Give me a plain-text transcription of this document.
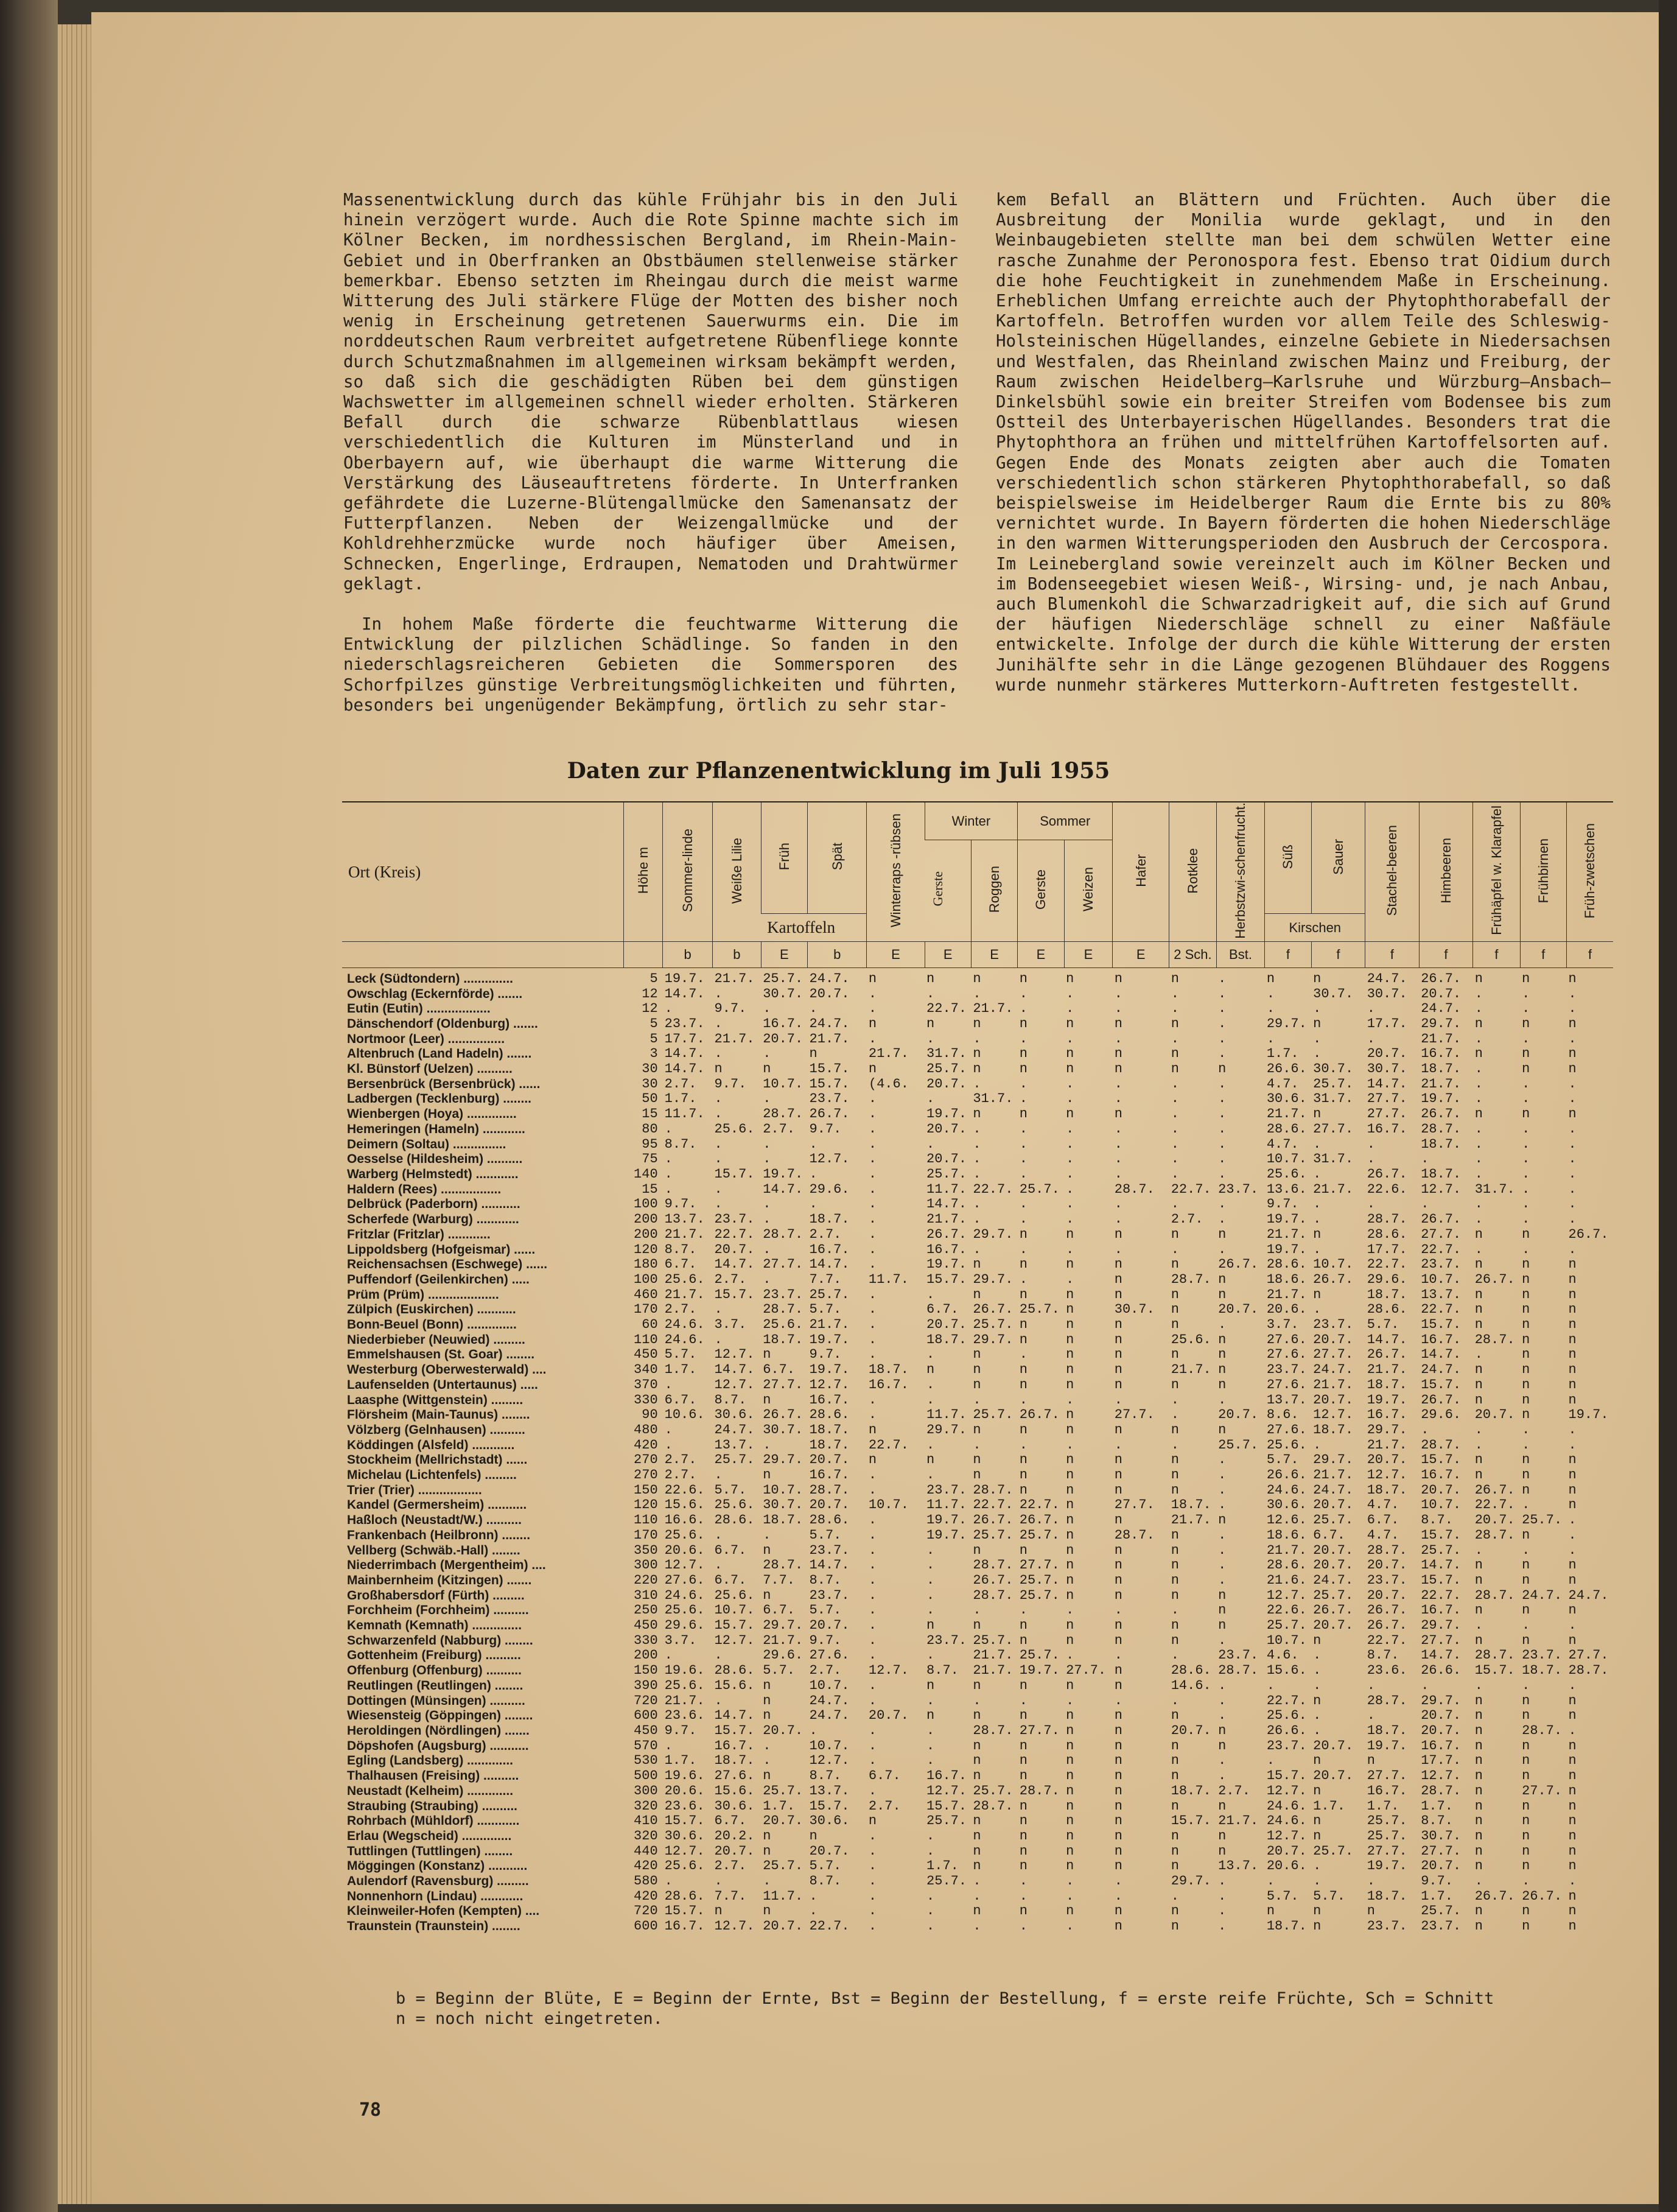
Massenentwicklung durch das kühle Frühjahr bis in den Juli hinein verzögert wurde. Auch die Rote Spinne machte sich im Kölner Becken, im nordhessischen Bergland, im Rhein-Main-Gebiet und in Oberfranken an Obstbäumen stellenweise stärker bemerkbar. Ebenso setzten im Rheingau durch die meist warme Witterung des Juli stärkere Flüge der Motten des bisher noch wenig in Erscheinung getretenen Sauerwurms ein. Die im norddeutschen Raum verbreitet aufgetretene Rübenfliege konnte durch Schutzmaßnahmen im allgemeinen wirksam bekämpft werden, so daß sich die geschädigten Rüben bei dem günstigen Wachswetter im allgemeinen schnell wieder erholten. Stärkeren Befall durch die schwarze Rübenblattlaus wiesen verschiedentlich die Kulturen im Münsterland und in Oberbayern auf, wie überhaupt die warme Witterung die Verstärkung des Läuseauftretens förderte. In Unterfranken gefährdete die Luzerne-Blütengallmücke den Samenansatz der Futterpflanzen. Neben der Weizengallmücke und der Kohldrehherzmücke wurde noch häufiger über Ameisen, Schnecken, Engerlinge, Erdraupen, Nematoden und Drahtwürmer geklagt.

In hohem Maße förderte die feuchtwarme Witterung die Entwicklung der pilzlichen Schädlinge. So fanden in den niederschlagsreicheren Gebieten die Sommersporen des Schorfpilzes günstige Verbreitungsmöglichkeiten und führten, besonders bei ungenügender Bekämpfung, örtlich zu sehr star-

kem Befall an Blättern und Früchten. Auch über die Ausbreitung der Monilia wurde geklagt, und in den Weinbaugebieten stellte man bei dem schwülen Wetter eine rasche Zunahme der Peronospora fest. Ebenso trat Oidium durch die hohe Feuchtigkeit in zunehmendem Maße in Erscheinung. Erheblichen Umfang erreichte auch der Phytophthorabefall der Kartoffeln. Betroffen wurden vor allem Teile des Schleswig-Holsteinischen Hügellandes, einzelne Gebiete in Niedersachsen und Westfalen, das Rheinland zwischen Mainz und Freiburg, der Raum zwischen Heidelberg—Karlsruhe und Würzburg—Ansbach—Dinkelsbühl sowie ein breiter Streifen vom Bodensee bis zum Ostteil des Unterbayerischen Hügellandes. Besonders trat die Phytophthora an frühen und mittelfrühen Kartoffelsorten auf. Gegen Ende des Monats zeigten aber auch die Tomaten verschiedentlich schon stärkeren Phytophthorabefall, so daß beispielsweise im Heidelberger Raum die Ernte bis zu 80% vernichtet wurde. In Bayern förderten die hohen Niederschläge in den warmen Witterungsperioden den Ausbruch der Cercospora. Im Leinebergland sowie vereinzelt auch im Kölner Becken und im Bodenseegebiet wiesen Weiß-, Wirsing- und, je nach Anbau, auch Blumenkohl die Schwarzadrigkeit auf, die sich auf Grund der häufigen Niederschläge schnell zu einer Naßfäule entwickelte. Infolge der durch die kühle Witterung der ersten Junihälfte sehr in die Länge gezogenen Blühdauer des Roggens wurde nunmehr stärkeres Mutterkorn-Auftreten festgestellt.

Daten zur Pflanzenentwicklung im Juli 1955
Ort (Kreis)	Höhe m	Sommer-linde	Weiße Lilie	Früh	Spät	Winterraps -rübsen	Winter		Sommer		Hafer	Rotklee	Herbstzwi-schenfrucht.	Süß	Sauer	Stachel-beeren	Himbeeren	Frühäpfel w. Klarapfel	Frühbirnen	Früh-zwetschen
							Gerste	Roggen	Gerste	Weizen										
				Kartoffeln										Kirschen						
		b	b	E	b	E	E	E	E	E	E	2 Sch.	Bst.	f	f	f	f	f	f	f
Leck (Südtondern) ..............	5	19.7.	21.7.	25.7.	24.7.	n	n	n	n	n	n	n	.	n	n	24.7.	26.7.	n	n	n
Owschlag (Eckernförde) .......	12	14.7.	.	30.7.	20.7.	.	.	.	.	.	.	.	.	.	30.7.	30.7.	20.7.	.	.	.
Eutin (Eutin) ..................	12	.	9.7.	.	.	.	22.7.	21.7.	.	.	.	.	.	.	.	.	24.7.	.	.	.
Dänschendorf (Oldenburg) .......	5	23.7.	.	16.7.	24.7.	n	n	n	n	n	n	n	.	29.7.	n	17.7.	29.7.	n	n	n
Nortmoor (Leer) ................	5	17.7.	21.7.	20.7.	21.7.	.	.	.	.	.	.	.	.	.	.	.	21.7.	.	.	.
Altenbruch (Land Hadeln) .......	3	14.7.	.	.	n	21.7.	31.7.	n	n	n	n	n	.	1.7.	.	20.7.	16.7.	n	n	n
Kl. Bünstorf (Uelzen) ..........	30	14.7.	n	n	15.7.	n	25.7.	n	n	n	n	n	n	26.6.	30.7.	30.7.	18.7.	.	n	n
Bersenbrück (Bersenbrück) ......	30	2.7.	9.7.	10.7.	15.7.	(4.6.	20.7.	.	.	.	.	.	.	4.7.	25.7.	14.7.	21.7.	.	.	.
Ladbergen (Tecklenburg) ........	50	1.7.	.	.	23.7.	.	.	31.7.	.	.	.	.	.	30.6.	31.7.	27.7.	19.7.	.	.	.
Wienbergen (Hoya) ..............	15	11.7.	.	28.7.	26.7.	.	19.7.	n	n	n	n	.	.	21.7.	n	27.7.	26.7.	n	n	n
Hemeringen (Hameln) ............	80	.	25.6.	2.7.	9.7.	.	20.7.	.	.	.	.	.	.	28.6.	27.7.	16.7.	28.7.	.	.	.
Deimern (Soltau) ...............	95	8.7.	.	.	.	.	.	.	.	.	.	.	.	4.7.	.	.	18.7.	.	.	.
Oesselse (Hildesheim) ..........	75	.	.	.	12.7.	.	20.7.	.	.	.	.	.	.	10.7.	31.7.	.	.	.	.	.
Warberg (Helmstedt) ............	140	.	15.7.	19.7.	.	.	25.7.	.	.	.	.	.	.	25.6.	.	26.7.	18.7.	.	.	.
Haldern (Rees) .................	15	.	.	14.7.	29.6.	.	11.7.	22.7.	25.7.	.	28.7.	22.7.	23.7.	13.6.	21.7.	22.6.	12.7.	31.7.	.	.
Delbrück (Paderborn) ...........	100	9.7.	.	.	.	.	14.7.	.	.	.	.	.	.	9.7.	.	.	.	.	.	.
Scherfede (Warburg) ............	200	13.7.	23.7.	.	18.7.	.	21.7.	.	.	.	.	2.7.	.	19.7.	.	28.7.	26.7.	.	.	.
Fritzlar (Fritzlar) ............	200	21.7.	22.7.	28.7.	2.7.	.	26.7.	29.7.	n	n	n	n	n	21.7.	n	28.6.	27.7.	n	n	26.7.
Lippoldsberg (Hofgeismar) ......	120	8.7.	20.7.	.	16.7.	.	16.7.	.	.	.	.	.	.	19.7.	.	17.7.	22.7.	.	.	.
Reichensachsen (Eschwege) ......	180	6.7.	14.7.	27.7.	14.7.	.	19.7.	n	n	n	n	n	26.7.	28.6.	10.7.	22.7.	23.7.	n	n	n
Puffendorf (Geilenkirchen) .....	100	25.6.	2.7.	.	7.7.	11.7.	15.7.	29.7.	.	.	n	28.7.	n	18.6.	26.7.	29.6.	10.7.	26.7.	n	n
Prüm (Prüm) ....................	460	21.7.	15.7.	23.7.	25.7.	.	.	n	n	n	n	n	n	21.7.	n	18.7.	13.7.	n	n	n
Zülpich (Euskirchen) ...........	170	2.7.	.	28.7.	5.7.	.	6.7.	26.7.	25.7.	n	30.7.	n	20.7.	20.6.	.	28.6.	22.7.	n	n	n
Bonn-Beuel (Bonn) ..............	60	24.6.	3.7.	25.6.	21.7.	.	20.7.	25.7.	n	n	n	n	.	3.7.	23.7.	5.7.	15.7.	n	n	n
Niederbieber (Neuwied) .........	110	24.6.	.	18.7.	19.7.	.	18.7.	29.7.	n	n	n	25.6.	n	27.6.	20.7.	14.7.	16.7.	28.7.	n	n
Emmelshausen (St. Goar) ........	450	5.7.	12.7.	n	9.7.	.	.	n	.	n	n	n	n	27.6.	27.7.	26.7.	14.7.	.	n	n
Westerburg (Oberwesterwald) ....	340	1.7.	14.7.	6.7.	19.7.	18.7.	n	n	n	n	n	21.7.	n	23.7.	24.7.	21.7.	24.7.	n	n	n
Laufenselden (Untertaunus) .....	370	.	12.7.	27.7.	12.7.	16.7.	.	n	n	n	n	n	n	27.6.	21.7.	18.7.	15.7.	n	n	n
Laasphe (Wittgenstein) .........	330	6.7.	8.7.	n	16.7.	.	.	.	.	.	.	.	.	13.7.	20.7.	19.7.	26.7.	n	n	n
Flörsheim (Main-Taunus) ........	90	10.6.	30.6.	26.7.	28.6.	.	11.7.	25.7.	26.7.	n	27.7.	.	20.7.	8.6.	12.7.	16.7.	29.6.	20.7.	n	19.7.
Völzberg (Gelnhausen) ..........	480	.	24.7.	30.7.	18.7.	n	29.7.	n	n	n	n	n	n	27.6.	18.7.	29.7.	.	.	.	.
Köddingen (Alsfeld) ............	420	.	13.7.	.	18.7.	22.7.	.	.	.	.	.	.	25.7.	25.6.	.	21.7.	28.7.	.	.	.
Stockheim (Mellrichstadt) ......	270	2.7.	25.7.	29.7.	20.7.	n	n	n	n	n	n	n	.	5.7.	29.7.	20.7.	15.7.	n	n	n
Michelau (Lichtenfels) .........	270	2.7.	.	n	16.7.	.	.	n	n	n	n	n	.	26.6.	21.7.	12.7.	16.7.	n	n	n
Trier (Trier) ..................	150	22.6.	5.7.	10.7.	28.7.	.	23.7.	28.7.	n	n	n	n	.	24.6.	24.7.	18.7.	20.7.	26.7.	n	n
Kandel (Germersheim) ...........	120	15.6.	25.6.	30.7.	20.7.	10.7.	11.7.	22.7.	22.7.	n	27.7.	18.7.	.	30.6.	20.7.	4.7.	10.7.	22.7.	.	n
Haßloch (Neustadt/W.) ..........	110	16.6.	28.6.	18.7.	28.6.	.	19.7.	26.7.	26.7.	n	n	21.7.	n	12.6.	25.7.	6.7.	8.7.	20.7.	25.7.	.
Frankenbach (Heilbronn) ........	170	25.6.	.	.	5.7.	.	19.7.	25.7.	25.7.	n	28.7.	n	.	18.6.	6.7.	4.7.	15.7.	28.7.	n	.
Vellberg (Schwäb.-Hall) ........	350	20.6.	6.7.	n	23.7.	.	.	n	n	n	n	n	.	21.7.	20.7.	28.7.	25.7.	.	.	.
Niederrimbach (Mergentheim) ....	300	12.7.	.	28.7.	14.7.	.	.	28.7.	27.7.	n	n	n	.	28.6.	20.7.	20.7.	14.7.	n	n	n
Mainbernheim (Kitzingen) .......	220	27.6.	6.7.	7.7.	8.7.	.	.	26.7.	25.7.	n	n	n	.	21.6.	24.7.	23.7.	15.7.	n	n	n
Großhabersdorf (Fürth) .........	310	24.6.	25.6.	n	23.7.	.	.	28.7.	25.7.	n	n	n	n	12.7.	25.7.	20.7.	22.7.	28.7.	24.7.	24.7.
Forchheim (Forchheim) ..........	250	25.6.	10.7.	6.7.	5.7.	.	.	.	.	.	.	.	n	22.6.	26.7.	26.7.	16.7.	n	n	n
Kemnath (Kemnath) ..............	450	29.6.	15.7.	29.7.	20.7.	.	n	n	n	n	n	n	n	25.7.	20.7.	26.7.	29.7.	.	.	.
Schwarzenfeld (Nabburg) ........	330	3.7.	12.7.	21.7.	9.7.	.	23.7.	25.7.	n	n	n	n	.	10.7.	n	22.7.	27.7.	n	n	n
Gottenheim (Freiburg) ..........	200	.	.	29.6.	27.6.	.	.	21.7.	25.7.	.	.	.	23.7.	4.6.	.	8.7.	14.7.	28.7.	23.7.	27.7.
Offenburg (Offenburg) ..........	150	19.6.	28.6.	5.7.	2.7.	12.7.	8.7.	21.7.	19.7.	27.7.	n	28.6.	28.7.	15.6.	.	23.6.	26.6.	15.7.	18.7.	28.7.
Reutlingen (Reutlingen) ........	390	25.6.	15.6.	n	10.7.	.	n	n	n	n	n	14.6.	.	.	.	.	.	.	.	.
Dottingen (Münsingen) ..........	720	21.7.	.	n	24.7.	.	.	.	.	.	.	.	.	22.7.	n	28.7.	29.7.	n	n	n
Wiesensteig (Göppingen) ........	600	23.6.	14.7.	n	24.7.	20.7.	n	n	n	n	n	n	.	25.6.	.	.	20.7.	n	n	n
Heroldingen (Nördlingen) .......	450	9.7.	15.7.	20.7.	.	.	.	28.7.	27.7.	n	n	20.7.	n	26.6.	.	18.7.	20.7.	n	28.7.	.
Döpshofen (Augsburg) ...........	570	.	16.7.	.	10.7.	.	.	n	n	n	n	n	n	23.7.	20.7.	19.7.	16.7.	n	n	n
Egling (Landsberg) .............	530	1.7.	18.7.	.	12.7.	.	.	n	n	n	n	n	.	.	n	n	17.7.	n	n	n
Thalhausen (Freising) ..........	500	19.6.	27.6.	n	8.7.	6.7.	16.7.	n	n	n	n	n	.	15.7.	20.7.	27.7.	12.7.	n	n	n
Neustadt (Kelheim) .............	300	20.6.	15.6.	25.7.	13.7.	.	12.7.	25.7.	28.7.	n	n	18.7.	2.7.	12.7.	n	16.7.	28.7.	n	27.7.	n
Straubing (Straubing) ..........	320	23.6.	30.6.	1.7.	15.7.	2.7.	15.7.	28.7.	n	n	n	n	n	24.6.	1.7.	1.7.	1.7.	n	n	n
Rohrbach (Mühldorf) ............	410	15.7.	6.7.	20.7.	30.6.	n	25.7.	n	n	n	n	15.7.	21.7.	24.6.	n	25.7.	8.7.	n	n	n
Erlau (Wegscheid) ..............	320	30.6.	20.2.	n	n	.	.	n	n	n	n	n	n	12.7.	n	25.7.	30.7.	n	n	n
Tuttlingen (Tuttlingen) ........	440	12.7.	20.7.	n	20.7.	.	.	n	n	n	n	n	n	20.7.	25.7.	27.7.	27.7.	n	n	n
Möggingen (Konstanz) ...........	420	25.6.	2.7.	25.7.	5.7.	.	1.7.	n	n	n	n	n	13.7.	20.6.	.	19.7.	20.7.	n	n	n
Aulendorf (Ravensburg) .........	580	.	.	.	8.7.	.	25.7.	.	.	.	.	29.7.	.	.	.	.	9.7.	.	.	.
Nonnenhorn (Lindau) ............	420	28.6.	7.7.	11.7.	.	.	.	.	.	.	.	.	.	5.7.	5.7.	18.7.	1.7.	26.7.	26.7.	n
Kleinweiler-Hofen (Kempten) ....	720	15.7.	n	n	.	.	.	n	n	n	n	n	.	n	n	n	25.7.	n	n	n
Traunstein (Traunstein) ........	600	16.7.	12.7.	20.7.	22.7.	.	.	.	.	.	n	n	.	18.7.	n	23.7.	23.7.	n	n	n
b = Beginn der Blüte, E = Beginn der Ernte, Bst = Beginn der Bestellung, f = erste reife Früchte, Sch = Schnitt
n = noch nicht eingetreten.
78
